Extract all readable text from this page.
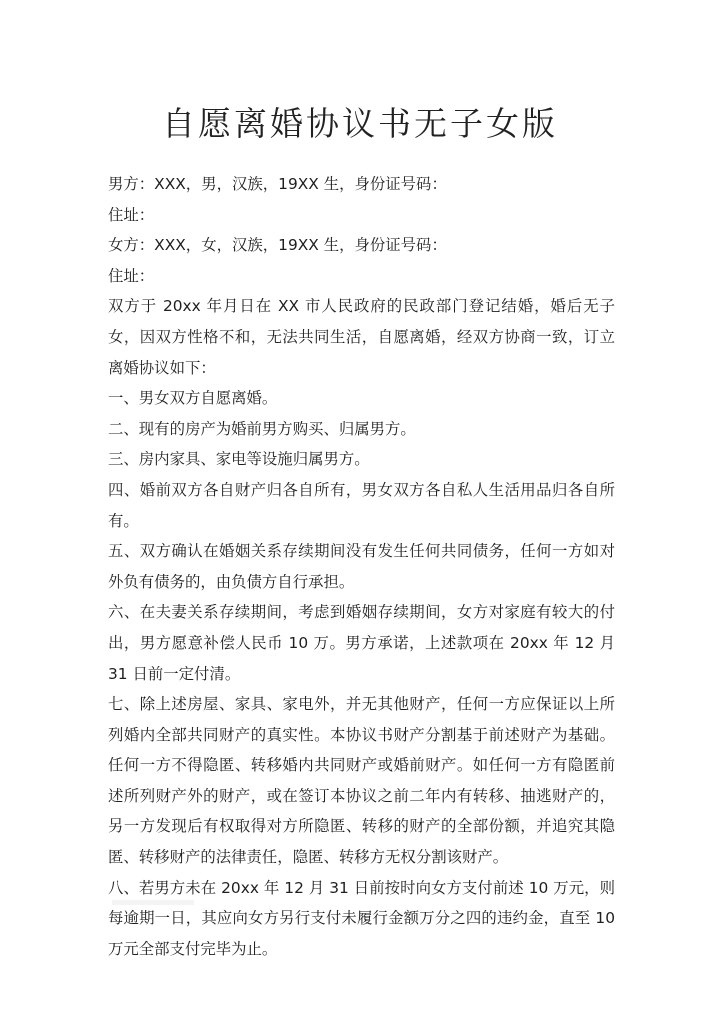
自愿离婚协议书无子女版

男方：XXX，男，汉族，19XX 生，身份证号码：

住址：

女方：XXX，女，汉族，19XX 生，身份证号码：

住址：

双方于 20xx 年月日在 XX 市人民政府的民政部门登记结婚，婚后无子女，因双方性格不和，无法共同生活，自愿离婚，经双方协商一致，订立离婚协议如下：

一、男女双方自愿离婚。

二、现有的房产为婚前男方购买、归属男方。

三、房内家具、家电等设施归属男方。

四、婚前双方各自财产归各自所有，男女双方各自私人生活用品归各自所有。

五、双方确认在婚姻关系存续期间没有发生任何共同债务，任何一方如对外负有债务的，由负债方自行承担。

六、在夫妻关系存续期间，考虑到婚姻存续期间，女方对家庭有较大的付出，男方愿意补偿人民币 10 万。男方承诺，上述款项在 20xx 年 12 月 31 日前一定付清。

七、除上述房屋、家具、家电外，并无其他财产，任何一方应保证以上所列婚内全部共同财产的真实性。本协议书财产分割基于前述财产为基础。任何一方不得隐匿、转移婚内共同财产或婚前财产。如任何一方有隐匿前述所列财产外的财产，或在签订本协议之前二年内有转移、抽逃财产的，另一方发现后有权取得对方所隐匿、转移的财产的全部份额，并追究其隐匿、转移财产的法律责任，隐匿、转移方无权分割该财产。

八、若男方未在 20xx 年 12 月 31 日前按时向女方支付前述 10 万元，则每逾期一日，其应向女方另行支付未履行金额万分之四的违约金，直至 10 万元全部支付完毕为止。
